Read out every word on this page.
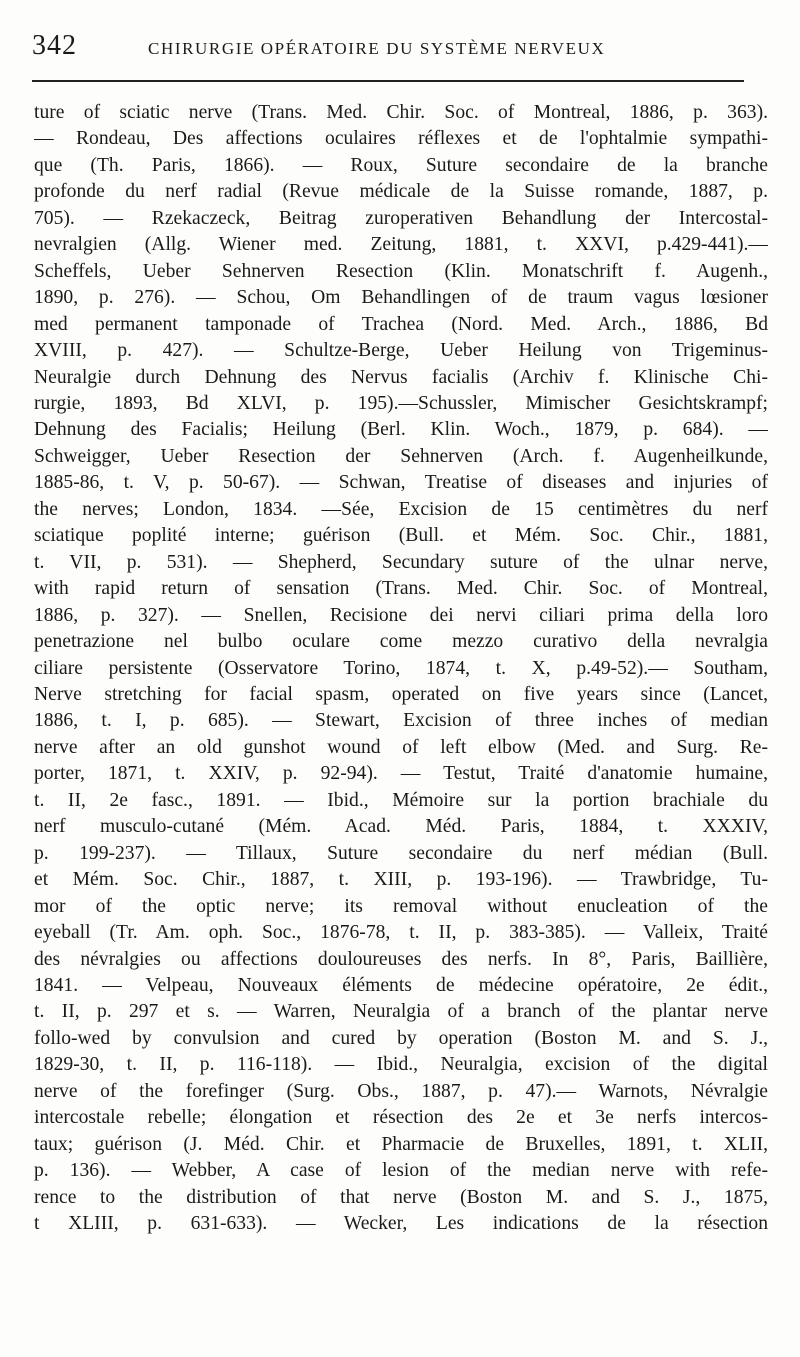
342	CHIRURGIE OPÉRATOIRE DU SYSTÈME NERVEUX
ture of sciatic nerve (Trans. Med. Chir. Soc. of Montreal, 1886, p. 363).
— Rondeau, Des affections oculaires réflexes et de l'ophtalmie sympathi-
que (Th. Paris, 1866). — Roux, Suture secondaire de la branche
profonde du nerf radial (Revue médicale de la Suisse romande, 1887, p.
705). — Rzekaczeck, Beitrag zuroperativen Behandlung der Intercostal-
nevralgien (Allg. Wiener med. Zeitung, 1881, t. XXVI, p.429-441).—
Scheffels, Ueber Sehnerven Resection (Klin. Monatschrift f. Augenh.,
1890, p. 276). — Schou, Om Behandlingen of de traum vagus lœsioner
med permanent tamponade of Trachea (Nord. Med. Arch., 1886, Bd
XVIII, p. 427). — Schultze-Berge, Ueber Heilung von Trigeminus-
Neuralgie durch Dehnung des Nervus facialis (Archiv f. Klinische Chi-
rurgie, 1893, Bd XLVI, p. 195).—Schussler, Mimischer Gesichtskrampf;
Dehnung des Facialis; Heilung (Berl. Klin. Woch., 1879, p. 684). —
Schweigger, Ueber Resection der Sehnerven (Arch. f. Augenheilkunde,
1885-86, t. V, p. 50-67). — Schwan, Treatise of diseases and injuries of
the nerves; London, 1834. —Sée, Excision de 15 centimètres du nerf
sciatique poplité interne; guérison (Bull. et Mém. Soc. Chir., 1881,
t. VII, p. 531). — Shepherd, Secundary suture of the ulnar nerve,
with rapid return of sensation (Trans. Med. Chir. Soc. of Montreal,
1886, p. 327). — Snellen, Recisione dei nervi ciliari prima della loro
penetrazione nel bulbo oculare come mezzo curativo della nevralgia
ciliare persistente (Osservatore Torino, 1874, t. X, p.49-52).— Southam,
Nerve stretching for facial spasm, operated on five years since (Lancet,
1886, t. I, p. 685). — Stewart, Excision of three inches of median
nerve after an old gunshot wound of left elbow (Med. and Surg. Re-
porter, 1871, t. XXIV, p. 92-94). — Testut, Traité d'anatomie humaine,
t. II, 2e fasc., 1891. — Ibid., Mémoire sur la portion brachiale du
nerf musculo-cutané (Mém. Acad. Méd. Paris, 1884, t. XXXIV,
p. 199-237). — Tillaux, Suture secondaire du nerf médian (Bull.
et Mém. Soc. Chir., 1887, t. XIII, p. 193-196). — Trawbridge, Tu-
mor of the optic nerve; its removal without enucleation of the
eyeball (Tr. Am. oph. Soc., 1876-78, t. II, p. 383-385). — Valleix, Traité
des névralgies ou affections douloureuses des nerfs. In 8°, Paris, Baillière,
1841. — Velpeau, Nouveaux éléments de médecine opératoire, 2e édit.,
t. II, p. 297 et s. — Warren, Neuralgia of a branch of the plantar nerve
follo-wed by convulsion and cured by operation (Boston M. and S. J.,
1829-30, t. II, p. 116-118). — Ibid., Neuralgia, excision of the digital
nerve of the forefinger (Surg. Obs., 1887, p. 47).— Warnots, Névralgie
intercostale rebelle; élongation et résection des 2e et 3e nerfs intercos-
taux; guérison (J. Méd. Chir. et Pharmacie de Bruxelles, 1891, t. XLII,
p. 136). — Webber, A case of lesion of the median nerve with refe-
rence to the distribution of that nerve (Boston M. and S. J., 1875,
t XLIII, p. 631-633). — Wecker, Les indications de la résection
